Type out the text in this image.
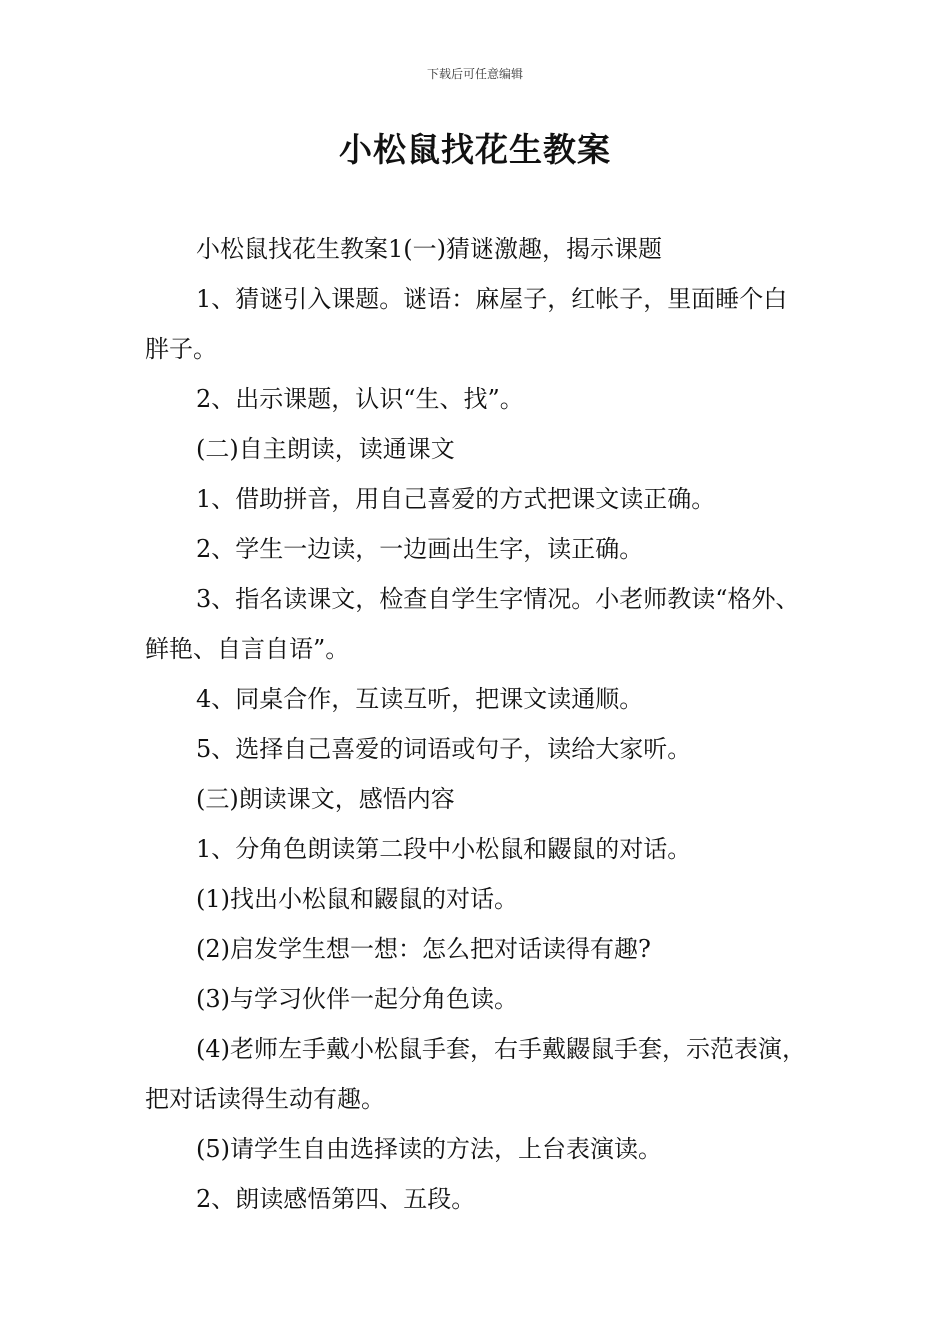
下载后可任意编辑
小松鼠找花生教案

小松鼠找花生教案1(一)猜谜激趣，揭示课题

1、猜谜引入课题。谜语：麻屋子，红帐子，里面睡个白胖子。

2、出示课题，认识“生、找”。

(二)自主朗读，读通课文

1、借助拼音，用自己喜爱的方式把课文读正确。

2、学生一边读，一边画出生字，读正确。

3、指名读课文，检查自学生字情况。小老师教读“格外、鲜艳、自言自语”。

4、同桌合作，互读互听，把课文读通顺。

5、选择自己喜爱的词语或句子，读给大家听。

(三)朗读课文，感悟内容

1、分角色朗读第二段中小松鼠和鼹鼠的对话。

(1)找出小松鼠和鼹鼠的对话。

(2)启发学生想一想：怎么把对话读得有趣?

(3)与学习伙伴一起分角色读。

(4)老师左手戴小松鼠手套，右手戴鼹鼠手套，示范表演，把对话读得生动有趣。

(5)请学生自由选择读的方法，上台表演读。

2、朗读感悟第四、五段。
